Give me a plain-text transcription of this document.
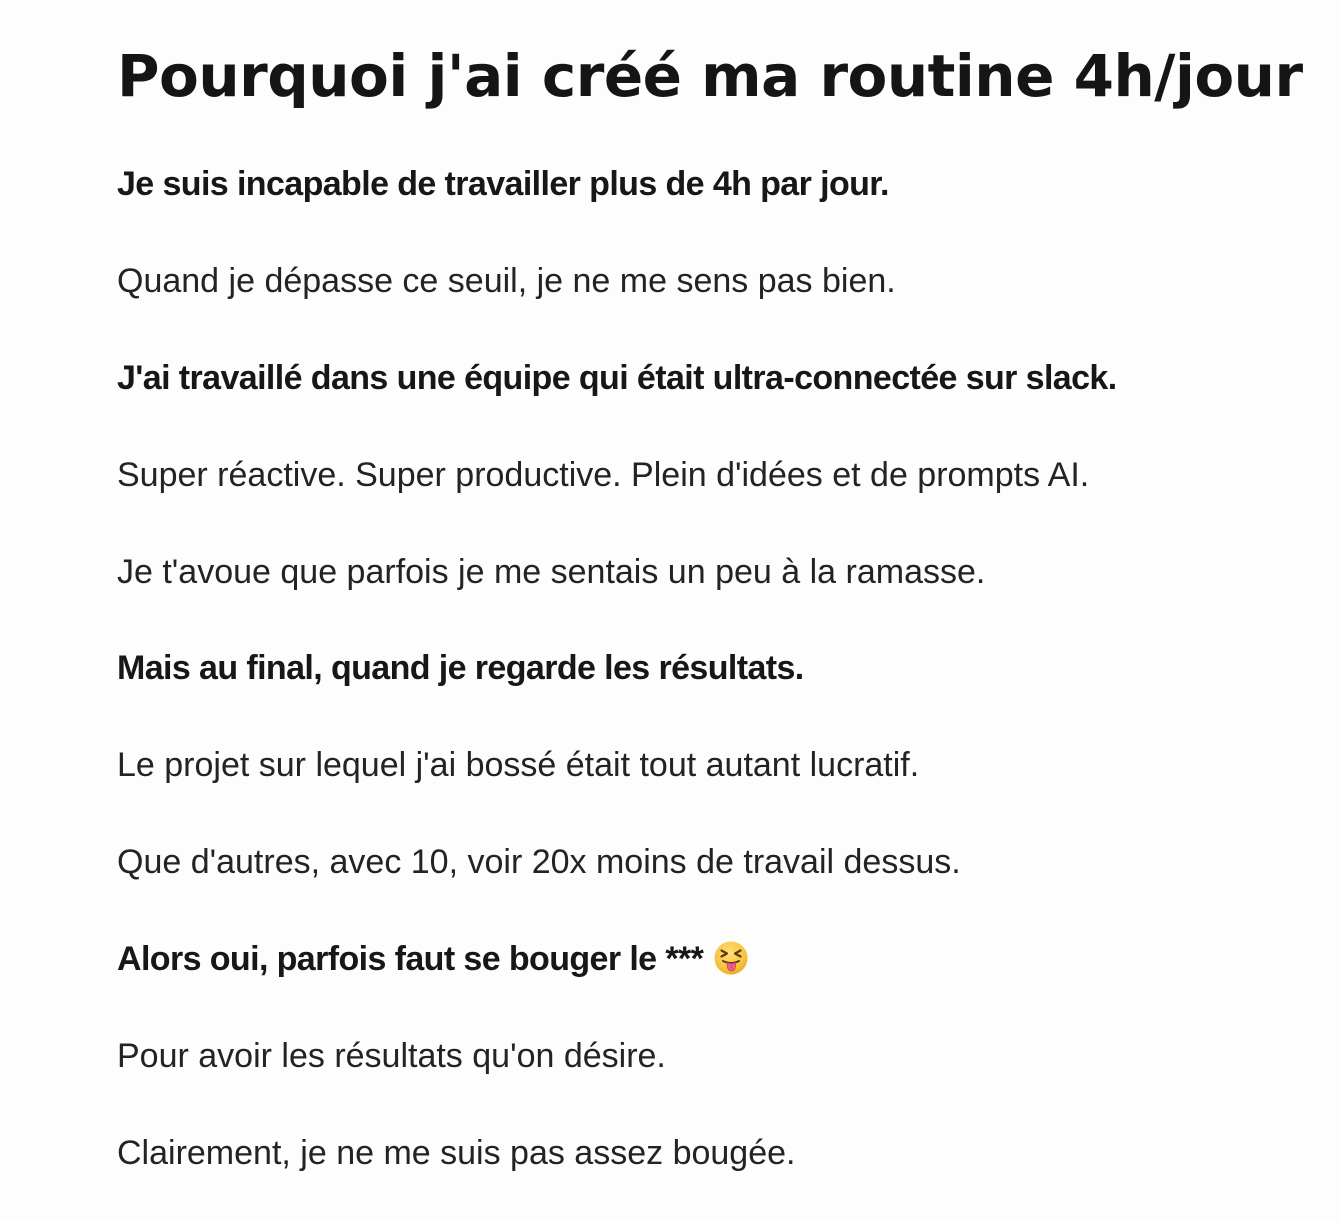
Pourquoi j'ai créé ma routine 4h/jour

Je suis incapable de travailler plus de 4h par jour.

Quand je dépasse ce seuil, je ne me sens pas bien.

J'ai travaillé dans une équipe qui était ultra-connectée sur slack.

Super réactive. Super productive. Plein d'idées et de prompts AI.

Je t'avoue que parfois je me sentais un peu à la ramasse.

Mais au final, quand je regarde les résultats.

Le projet sur lequel j'ai bossé était tout autant lucratif.

Que d'autres, avec 10, voir 20x moins de travail dessus.

Alors oui, parfois faut se bouger le ***

Pour avoir les résultats qu'on désire.

Clairement, je ne me suis pas assez bougée.
